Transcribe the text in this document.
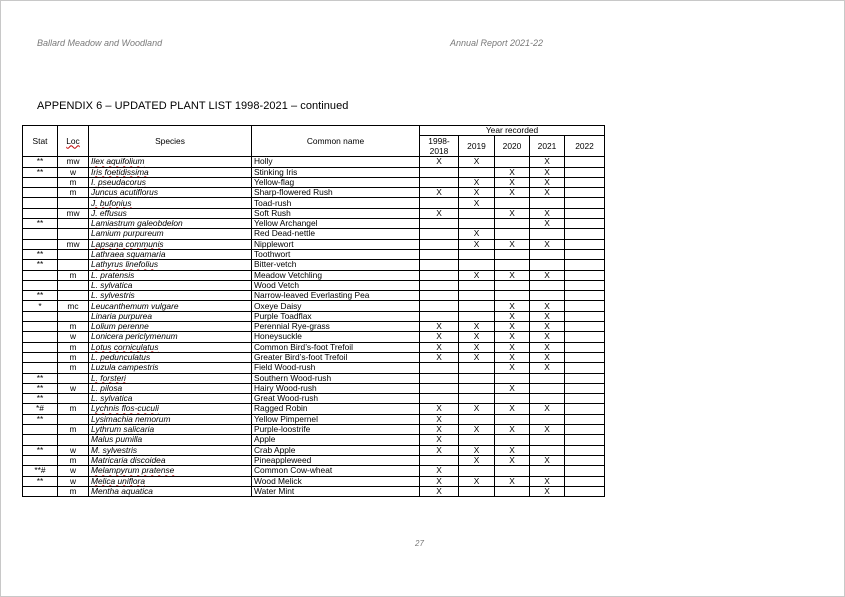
Ballard Meadow and Woodland	Annual Report 2021-22
APPENDIX 6 – UPDATED PLANT LIST 1998-2021 – continued
Stat	Loc	Species	Common name	Year recorded				
				1998-
2018	2019	2020	2021	2022
**	mw	Ilex aquifolium	Holly	X	X		X	
**	w	Iris foetidissima	Stinking Iris			X	X	
	m	I. pseudacorus	Yellow-flag		X	X	X	
	m	Juncus acutiflorus	Sharp-flowered Rush	X	X	X	X	
		J. bufonius	Toad-rush		X			
	mw	J. effusus	Soft Rush	X		X	X	
**		Lamiastrum galeobdelon	Yellow Archangel				X	
		Lamium purpureum	Red Dead-nettle		X			
	mw	Lapsana communis	Nipplewort		X	X	X	
**		Lathraea squamaria	Toothwort					
**		Lathyrus linefolius	Bitter-vetch					
	m	L. pratensis	Meadow Vetchling		X	X	X	
		L. sylvatica	Wood Vetch					
**		L. sylvestris	Narrow-leaved Everlasting Pea					
*	mc	Leucanthemum vulgare	Oxeye Daisy			X	X	
		Linaria purpurea	Purple Toadflax			X	X	
	m	Lolium perenne	Perennial Rye-grass	X	X	X	X	
	w	Lonicera periclymenum	Honeysuckle	X	X	X	X	
	m	Lotus corniculatus	Common Bird’s-foot Trefoil	X	X	X	X	
	m	L. pedunculatus	Greater Bird’s-foot Trefoil	X	X	X	X	
	m	Luzula campestris	Field Wood-rush			X	X	
**		L. forsteri	Southern Wood-rush					
**	w	L. pilosa	Hairy Wood-rush			X		
**		L. sylvatica	Great Wood-rush					
*#	m	Lychnis flos-cuculi	Ragged Robin	X	X	X	X	
**		Lysimachia nemorum	Yellow Pimpernel	X				
	m	Lythrum salicaria	Purple-loostrife	X	X	X	X	
		Malus pumilla	Apple	X				
**	w	M. sylvestris	Crab Apple	X	X	X		
	m	Matricaria discoidea	Pineappleweed		X	X	X	
**#	w	Melampyrum pratense	Common Cow-wheat	X				
**	w	Melica uniflora	Wood Melick	X	X	X	X	
	m	Mentha aquatica	Water Mint	X			X	
27
